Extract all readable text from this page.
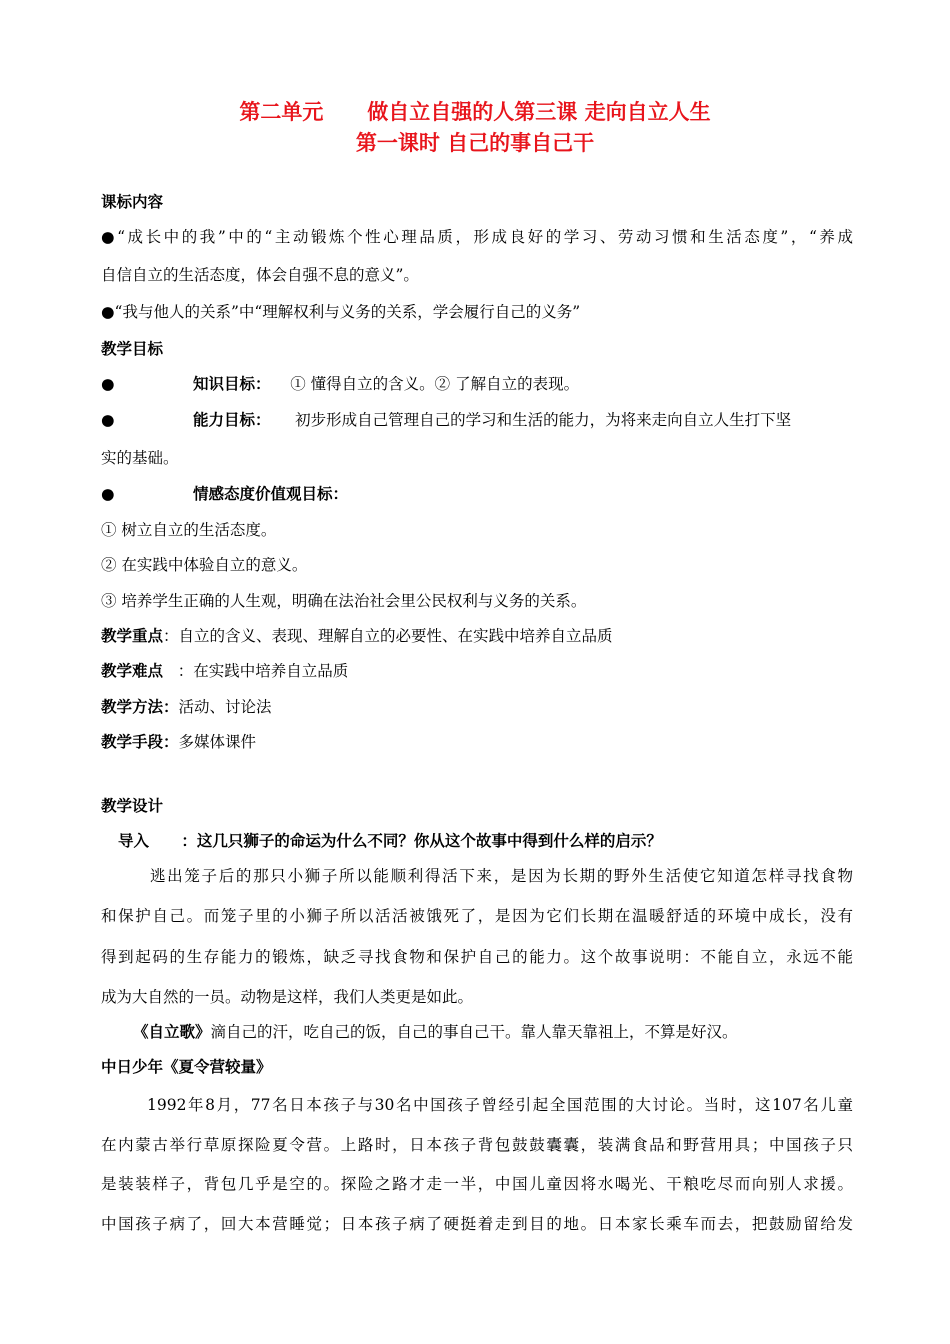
第二单元 做自立自强的人第三课 走向自立人生
第一课时 自己的事自己干
课标内容
●“成长中的我”中的“主动锻炼个性心理品质，形成良好的学习、劳动习惯和生活态度”，“养成
自信自立的生活态度，体会自强不息的意义”。
●“我与他人的关系”中“理解权利与义务的关系，学会履行自己的义务”
教学目标
●	知识目标： ① 懂得自立的含义。② 了解自立的表现。
●	能力目标： 初步形成自己管理自己的学习和生活的能力，为将来走向自立人生打下坚
实的基础。
●	情感态度价值观目标：
① 树立自立的生活态度。
② 在实践中体验自立的意义。
③ 培养学生正确的人生观，明确在法治社会里公民权利与义务的关系。
教学重点：自立的含义、表现、理解自立的必要性、在实践中培养自立品质
教学难点 ：在实践中培养自立品质
教学方法：活动、讨论法
教学手段：多媒体课件
教学设计
导入 ：这几只狮子的命运为什么不同？你从这个故事中得到什么样的启示？
逃出笼子后的那只小狮子所以能顺利得活下来，是因为长期的野外生活使它知道怎样寻找食物
和保护自己。而笼子里的小狮子所以活活被饿死了，是因为它们长期在温暖舒适的环境中成长，没有
得到起码的生存能力的锻炼，缺乏寻找食物和保护自己的能力。这个故事说明：不能自立，永远不能
成为大自然的一员。动物是这样，我们人类更是如此。
《自立歌》滴自己的汗，吃自己的饭，自己的事自己干。靠人靠天靠祖上，不算是好汉。
中日少年《夏令营较量》
1992年8月，77名日本孩子与30名中国孩子曾经引起全国范围的大讨论。当时，这107名儿童
在内蒙古举行草原探险夏令营。上路时，日本孩子背包鼓鼓囊囊，装满食品和野营用具；中国孩子只
是装装样子，背包几乎是空的。探险之路才走一半，中国儿童因将水喝光、干粮吃尽而向别人求援。
中国孩子病了，回大本营睡觉；日本孩子病了硬挺着走到目的地。日本家长乘车而去，把鼓励留给发
